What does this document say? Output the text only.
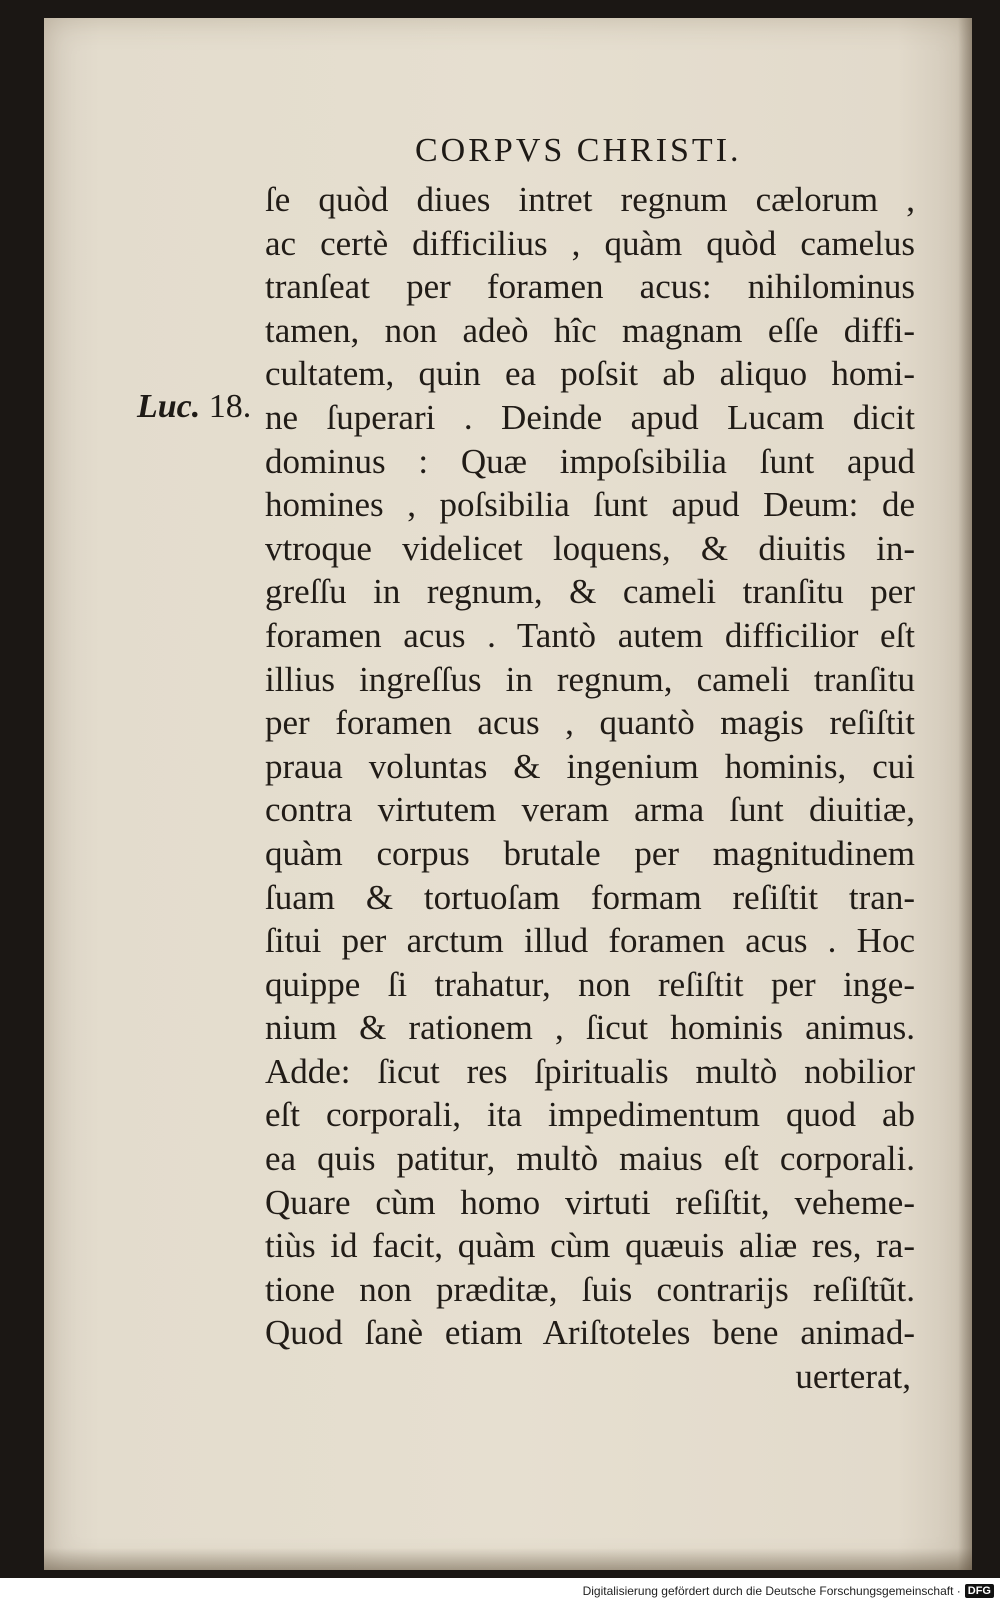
CORPVS CHRISTI.
Luc. 18.
ſe quòd diues intret regnum cælorum ,
ac certè difficilius , quàm quòd camelus
tranſeat per foramen acus: nihilominus
tamen, non adeò hîc magnam eſſe diffi-
cultatem, quin ea poſsit ab aliquo homi-
ne ſuperari . Deinde apud Lucam dicit
dominus : Quæ impoſsibilia ſunt apud
homines , poſsibilia ſunt apud Deum: de
vtroque videlicet loquens, & diuitis in-
greſſu in regnum, & cameli tranſitu per
foramen acus . Tantò autem difficilior eſt
illius ingreſſus in regnum, cameli tranſitu
per foramen acus , quantò magis reſiſtit
praua voluntas & ingenium hominis, cui
contra virtutem veram arma ſunt diuitiæ,
quàm corpus brutale per magnitudinem
ſuam & tortuoſam formam reſiſtit tran-
ſitui per arctum illud foramen acus . Hoc
quippe ſi trahatur, non reſiſtit per inge-
nium & rationem , ſicut hominis animus.
Adde: ſicut res ſpiritualis multò nobilior
eſt corporali, ita impedimentum quod ab
ea quis patitur, multò maius eſt corporali.
Quare cùm homo virtuti reſiſtit, veheme-
tiùs id facit, quàm cùm quæuis aliæ res, ra-
tione non præditæ, ſuis contrarijs reſiſtũt.
Quod ſanè etiam Ariſtoteles bene animad-
uerterat,
Digitalisierung gefördert durch die Deutsche Forschungsgemeinschaft · DFG
